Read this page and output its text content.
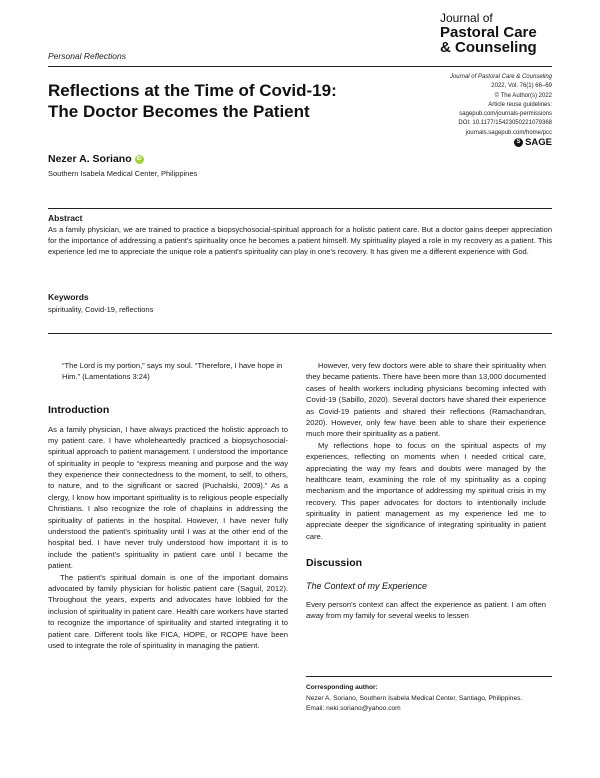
Journal of
Pastoral Care
& Counseling
Personal Reflections
Reflections at the Time of Covid-19:
The Doctor Becomes the Patient
Journal of Pastoral Care & Counseling
2022, Vol. 76(1) 66–69
© The Author(s) 2022
Article reuse guidelines:
sagepub.com/journals-permissions
DOI: 10.1177/15423050221079368
journals.sagepub.com/home/pcc
S SAGE
Nezer A. Soriano	iD
Southern Isabela Medical Center, Philippines
Abstract
As a family physician, we are trained to practice a biopsychosocial-spiritual approach for a holistic patient care. But a doctor gains deeper appreciation for the importance of addressing a patient's spirituality once he becomes a patient himself. My spirituality played a role in my recovery as a patient. This experience led me to appreciate the unique role a patient's spirituality can play in one's recovery. It has given me a different experience with God.
Keywords
spirituality, Covid-19, reflections

“The Lord is my portion,” says my soul. “Therefore, I have hope in Him.” (Lamentations 3:24)

Introduction

As a family physician, I have always practiced the holistic approach to my patient care. I have wholeheartedly practiced a biopsychosocial-spiritual approach to patient management. I understood the importance of spirituality in people to “express meaning and purpose and the way they experience their connectedness to the moment, to self, to others, to nature, and to the significant or sacred (Puchalski, 2009).” As a clergy, I know how important spirituality is to religious people especially Christians. I also recognize the role of chaplains in addressing the spirituality of patients in the hospital. However, I have never fully understood the patient's spirituality until I was at the other end of the hospital bed. I have never truly understood how important it is to include the patient's spirituality in patient care until I became the patient.

The patient's spiritual domain is one of the important domains advocated by family physician for holistic patient care (Saguil, 2012). Throughout the years, experts and advocates have lobbied for the inclusion of spirituality in patient care. Health care workers have started to recognize the importance of spirituality and started integrating it to patient care. Different tools like FICA, HOPE, or RCOPE have been used to integrate the role of spirituality in managing the patient.

However, very few doctors were able to share their spirituality when they became patients. There have been more than 13,000 documented cases of health workers including physicians becoming infected with Covid-19 (Sabillo, 2020). Several doctors have shared their experience as Covid-19 patients and shared their reflections (Ramachandran, 2020). However, only few have been able to share their experience much more their spirituality as a patient.

My reflections hope to focus on the spiritual aspects of my experiences, reflecting on moments when I needed critical care, appreciating the way my fears and doubts were managed by the healthcare team, examining the role of my spirituality as a coping mechanism and the importance of addressing my spiritual crisis in my recovery. This paper advocates for doctors to intentionally include spirituality in patient management as my experience led me to appreciate deeper the significance of integrating spirituality in patient care.

Discussion
The Context of my Experience

Every person's context can affect the experience as patient. I am often away from my family for several weeks to lessen

Corresponding author:
Nezer A. Soriano, Southern Isabela Medical Center, Santiago, Philippines.
Email: neki.soriano@yahoo.com
